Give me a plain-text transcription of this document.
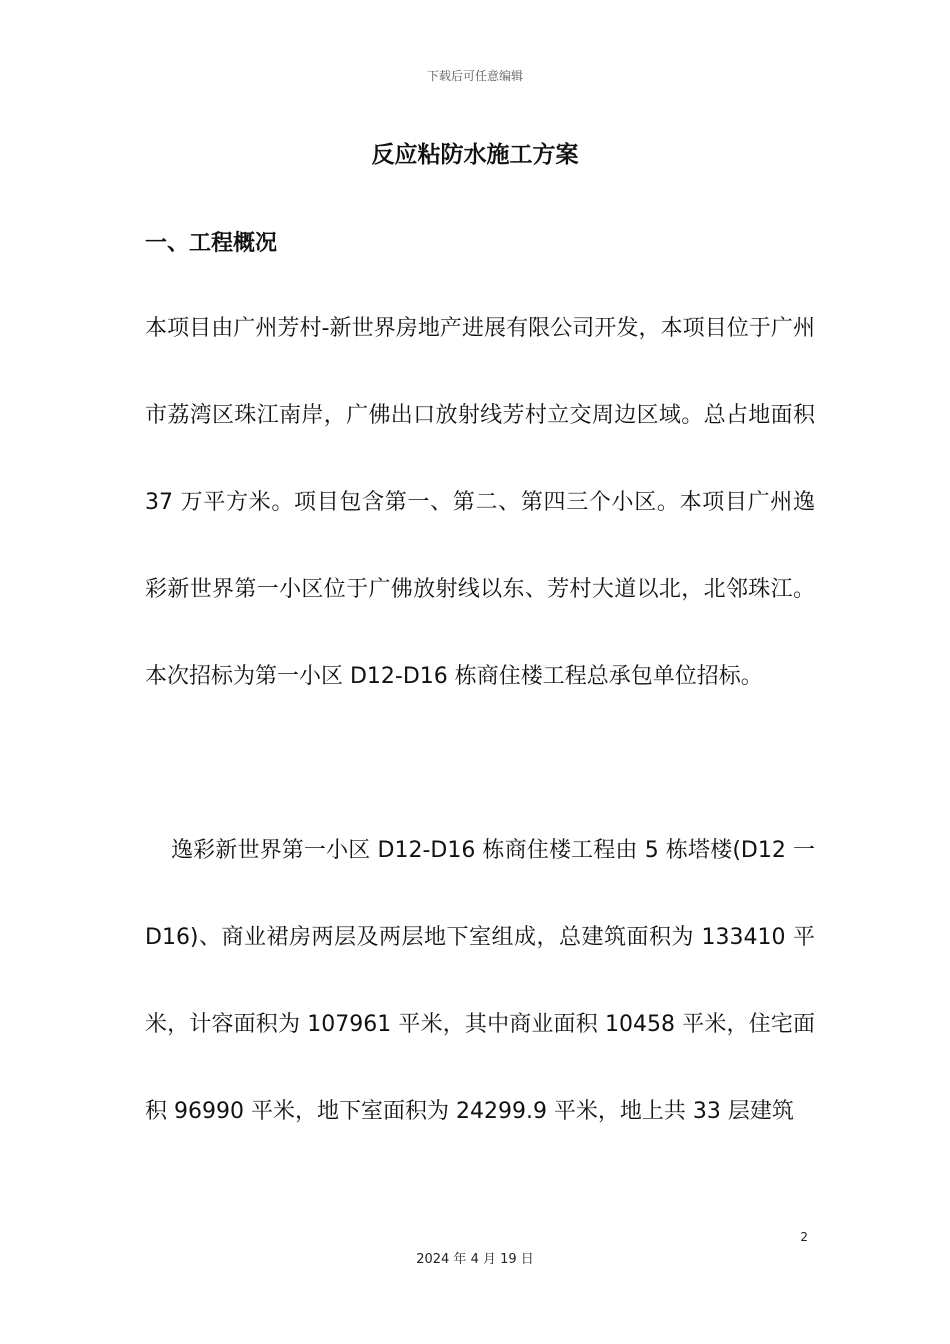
下载后可任意编辑
反应粘防水施工方案
一、工程概况

本项目由广州芳村-新世界房地产进展有限公司开发，本项目位于广州市荔湾区珠江南岸，广佛出口放射线芳村立交周边区域。总占地面积 37 万平方米。项目包含第一、第二、第四三个小区。本项目广州逸彩新世界第一小区位于广佛放射线以东、芳村大道以北，北邻珠江。本次招标为第一小区 D12-D16 栋商住楼工程总承包单位招标。

逸彩新世界第一小区 D12-D16 栋商住楼工程由 5 栋塔楼(D12 一D16)、商业裙房两层及两层地下室组成，总建筑面积为 133410 平米，计容面积为 107961 平米，其中商业面积 10458 平米，住宅面积 96990 平米，地下室面积为 24299.9 平米，地上共 33 层建筑

2
2024 年 4 月 19 日
